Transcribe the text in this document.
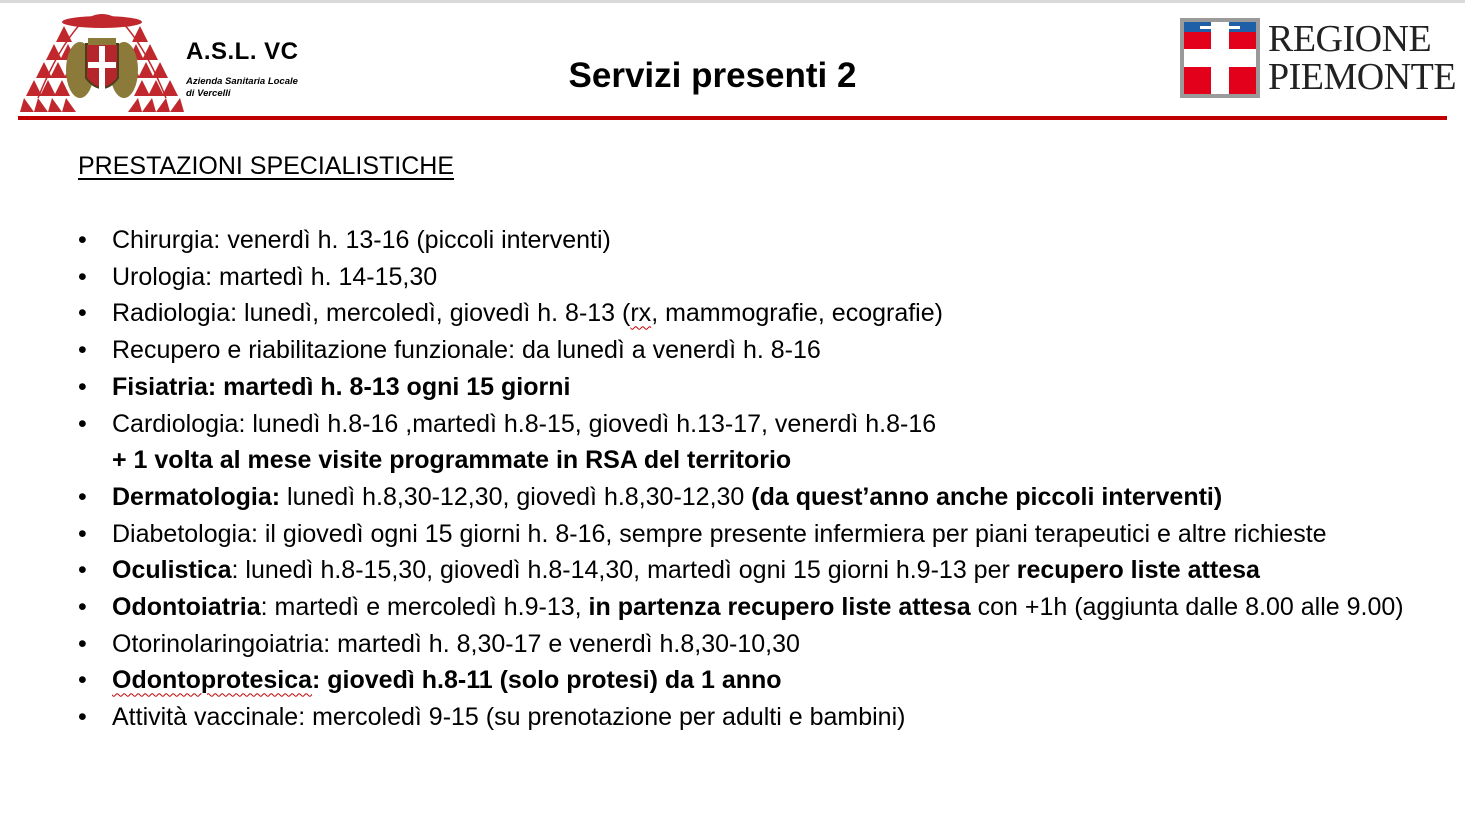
A.S.L. VC
Azienda Sanitaria Locale
di Vercelli	Servizi presenti 2
REGIONE
PIEMONTE
PRESTAZIONI SPECIALISTICHE
•	Chirurgia: venerdì h. 13-16 (piccoli interventi)
•	Urologia: martedì h. 14-15,30
•	Radiologia: lunedì, mercoledì, giovedì h. 8-13 (rx, mammografie, ecografie)
•	Recupero e riabilitazione funzionale: da lunedì a venerdì h. 8-16
•	Fisiatria: martedì h. 8-13 ogni 15 giorni
•	Cardiologia: lunedì h.8-16 ,martedì h.8-15, giovedì h.13-17, venerdì h.8-16
+ 1 volta al mese visite programmate in RSA del territorio
•	Dermatologia: lunedì h.8,30-12,30, giovedì h.8,30-12,30 (da quest’anno anche piccoli interventi)
•	Diabetologia: il giovedì ogni 15 giorni h. 8-16, sempre presente infermiera per piani terapeutici e altre richieste
•	Oculistica: lunedì h.8-15,30, giovedì h.8-14,30, martedì ogni 15 giorni h.9-13 per recupero liste attesa
•	Odontoiatria: martedì e mercoledì h.9-13, in partenza recupero liste attesa con +1h (aggiunta dalle 8.00 alle 9.00)
•	Otorinolaringoiatria: martedì h. 8,30-17 e venerdì h.8,30-10,30
•	Odontoprotesica: giovedì h.8-11 (solo protesi) da 1 anno
•	Attività vaccinale: mercoledì 9-15 (su prenotazione per adulti e bambini)
